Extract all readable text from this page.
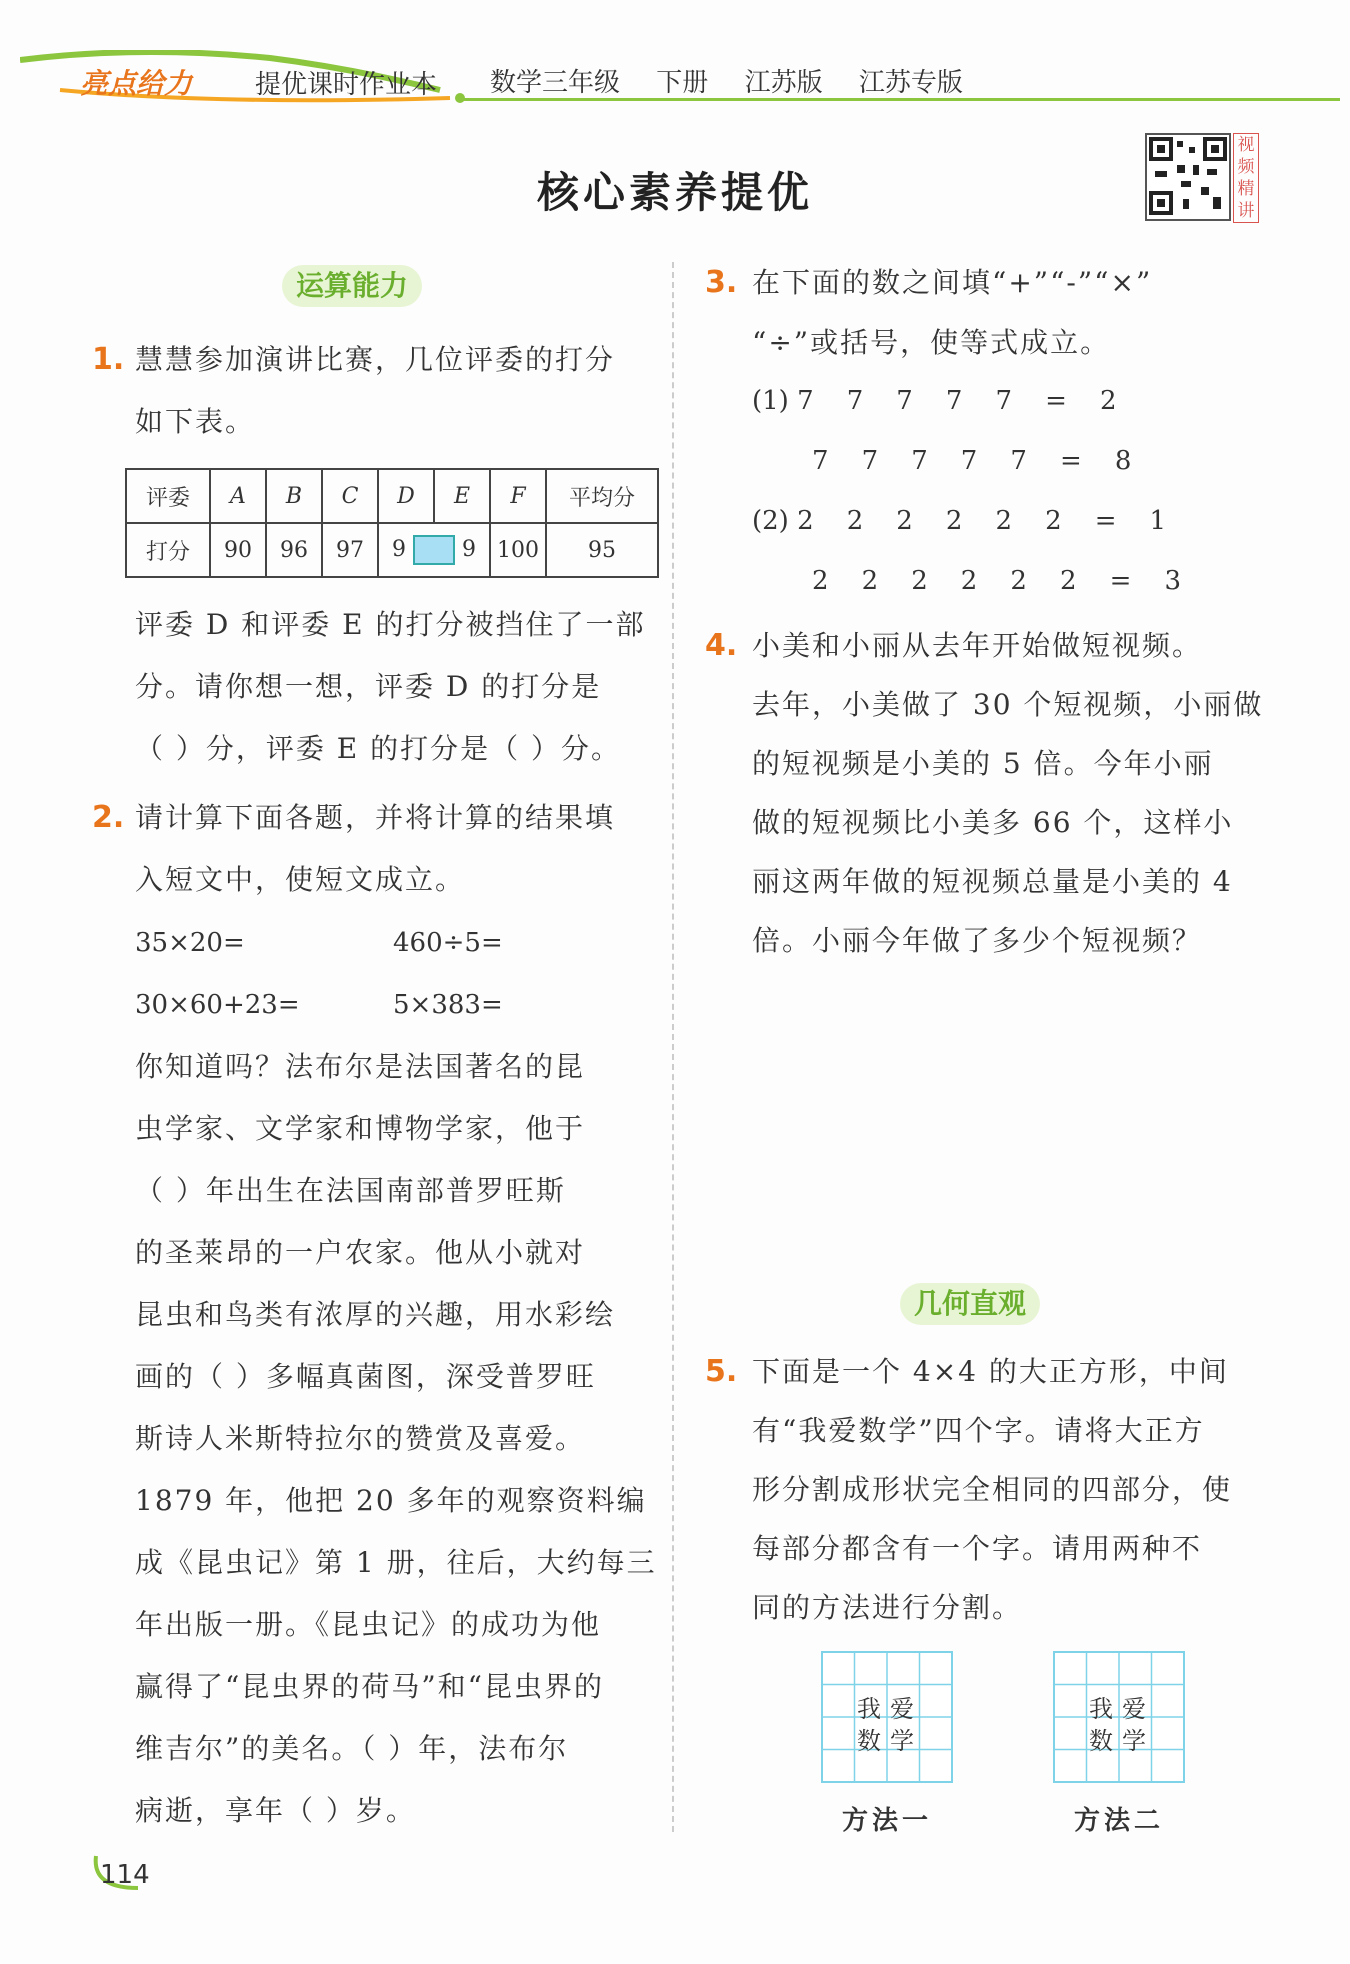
亮点给力 提优课时作业本 数学三年级 下册 江苏版 江苏专版
视频精讲
核心素养提优
运算能力
1. 慧慧参加演讲比赛，几位评委的打分
如下表。
评委	A	B	C	D	E	F	平均分
打分	90	96	97	9 9		100	95
评委 D 和评委 E 的打分被挡住了一部
分。请你想一想，评委 D 的打分是
（ ）分，评委 E 的打分是（ ）分。
2. 请计算下面各题，并将计算的结果填
入短文中，使短文成立。
35×20=	460÷5=
30×60+23=	5×383=
你知道吗？法布尔是法国著名的昆
虫学家、文学家和博物学家，他于
（ ）年出生在法国南部普罗旺斯
的圣莱昂的一户农家。他从小就对
昆虫和鸟类有浓厚的兴趣，用水彩绘
画的（ ）多幅真菌图，深受普罗旺
斯诗人米斯特拉尔的赞赏及喜爱。
1879 年，他把 20 多年的观察资料编
成《昆虫记》第 1 册，往后，大约每三
年出版一册。《昆虫记》的成功为他
赢得了“昆虫界的荷马”和“昆虫界的
维吉尔”的美名。（ ）年，法布尔
病逝，享年（ ）岁。
3. 在下面的数之间填“+”“-”“×”
“÷”或括号，使等式成立。
(1) 7    7    7    7    7    =    2
7    7    7    7    7    =    8
(2) 2    2    2    2    2    2    =    1
2    2    2    2    2    2    =    3
4. 小美和小丽从去年开始做短视频。
去年，小美做了 30 个短视频，小丽做
的短视频是小美的 5 倍。今年小丽
做的短视频比小美多 66 个，这样小
丽这两年做的短视频总量是小美的 4
倍。小丽今年做了多少个短视频？
几何直观
5. 下面是一个 4×4 的大正方形，中间
有“我爱数学”四个字。请将大正方
形分割成形状完全相同的四部分，使
每部分都含有一个字。请用两种不
同的方法进行分割。
我 爱
数 学
方法一
我 爱
数 学
方法二
114
